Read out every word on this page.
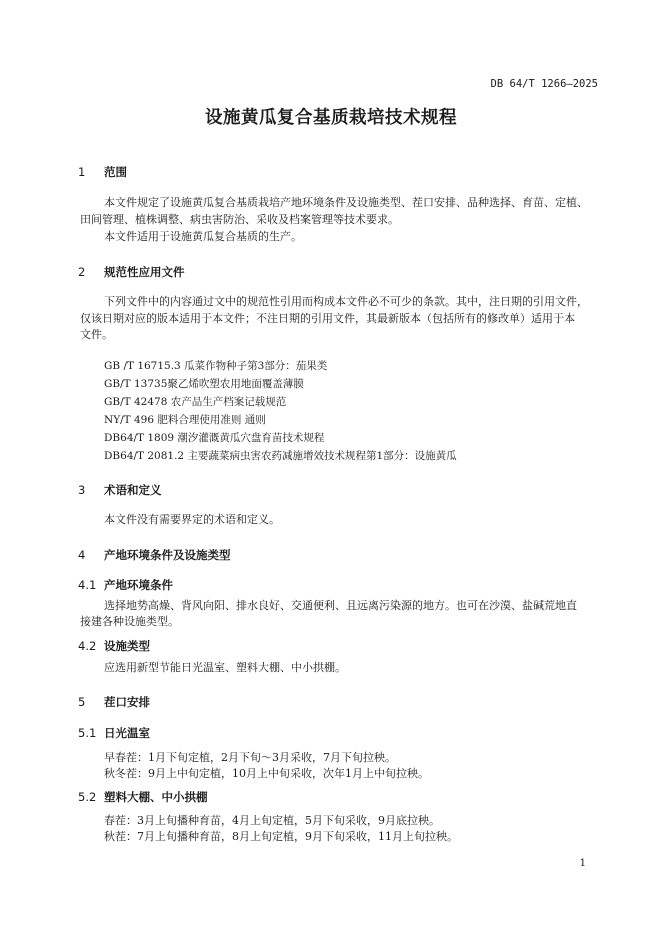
DB 64/T 1266—2025
设施黄瓜复合基质栽培技术规程
1 范围
本文件规定了设施黄瓜复合基质栽培产地环境条件及设施类型、茬口安排、品种选择、育苗、定植、
田间管理、植株调整、病虫害防治、采收及档案管理等技术要求。
本文件适用于设施黄瓜复合基质的生产。
2 规范性应用文件
下列文件中的内容通过文中的规范性引用而构成本文件必不可少的条款。其中，注日期的引用文件，
仅该日期对应的版本适用于本文件；不注日期的引用文件，其最新版本（包括所有的修改单）适用于本
文件。
GB /T 16715.3 瓜菜作物种子第3部分：茄果类
GB/T 13735聚乙烯吹塑农用地面覆盖薄膜
GB/T 42478 农产品生产档案记载规范
NY/T 496 肥料合理使用准则 通则
DB64/T 1809 潮汐灌溉黄瓜穴盘育苗技术规程
DB64/T 2081.2 主要蔬菜病虫害农药减施增效技术规程第1部分：设施黄瓜
3 术语和定义
本文件没有需要界定的术语和定义。
4 产地环境条件及设施类型
4.1 产地环境条件
选择地势高燥、背风向阳、排水良好、交通便利、且远离污染源的地方。也可在沙漠、盐碱荒地直
接建各种设施类型。
4.2 设施类型
应选用新型节能日光温室、塑料大棚、中小拱棚。
5 茬口安排
5.1 日光温室
早春茬：1月下旬定植，2月下旬～3月采收，7月下旬拉秧。
秋冬茬：9月上中旬定植，10月上中旬采收，次年1月上中旬拉秧。
5.2 塑料大棚、中小拱棚
春茬：3月上旬播种育苗，4月上旬定植，5月下旬采收，9月底拉秧。
秋茬：7月上旬播种育苗，8月上旬定植，9月下旬采收，11月上旬拉秧。
1
